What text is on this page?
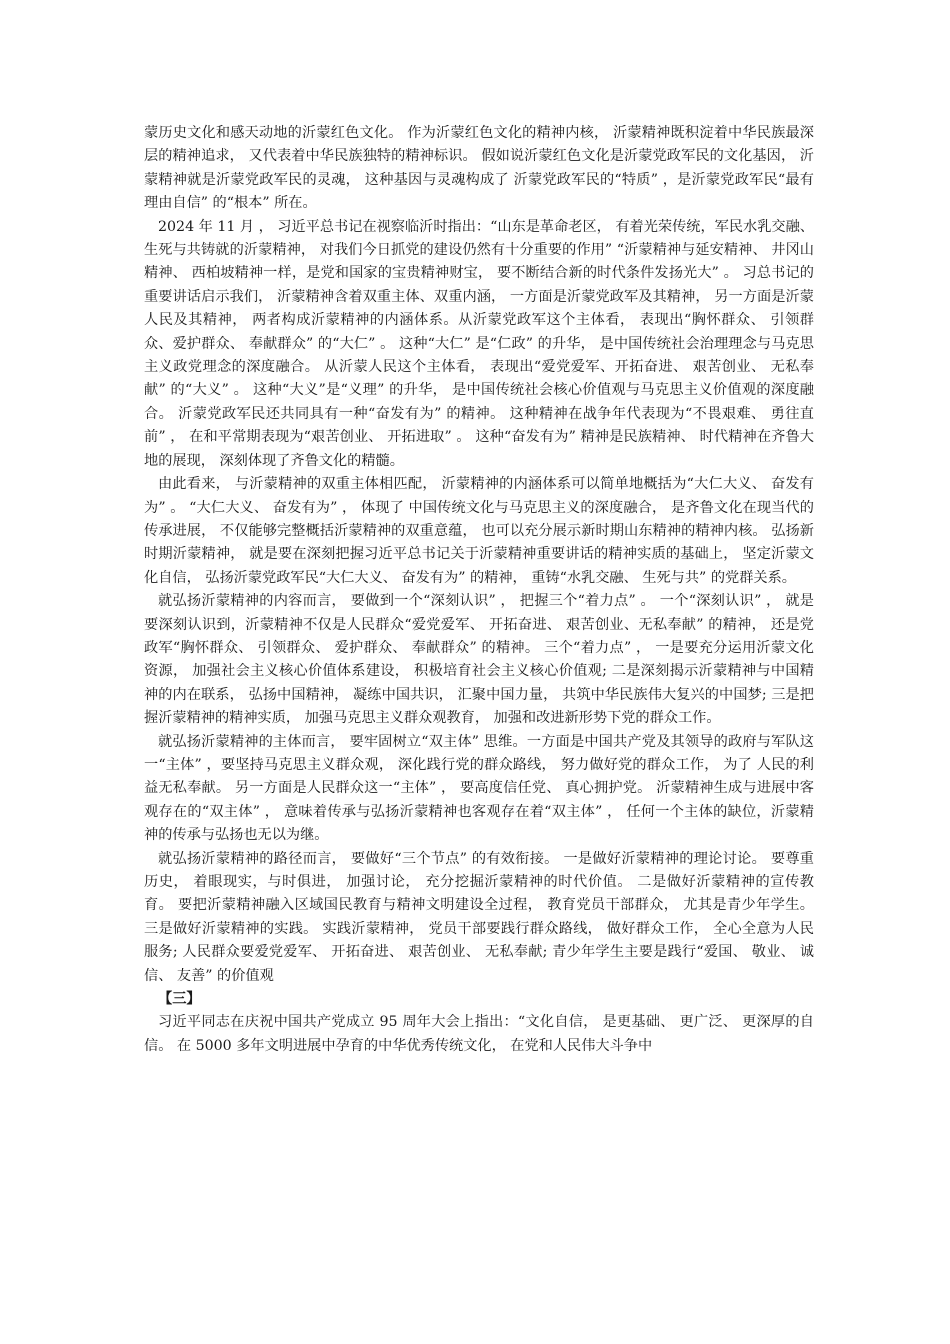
蒙历史文化和感天动地的沂蒙红色文化。 作为沂蒙红色文化的精神内核， 沂蒙精神既积淀着中华民族最深层的精神追求， 又代表着中华民族独特的精神标识。 假如说沂蒙红色文化是沂蒙党政军民的文化基因， 沂蒙精神就是沂蒙党政军民的灵魂， 这种基因与灵魂构成了 沂蒙党政军民的“特质” ，是沂蒙党政军民“最有理由自信” 的“根本” 所在。

2024 年 11 月 ， 习近平总书记在视察临沂时指出：“山东是革命老区， 有着光荣传统，军民水乳交融、 生死与共铸就的沂蒙精神， 对我们今日抓党的建设仍然有十分重要的作用” “沂蒙精神与延安精神、 井冈山精神、 西柏坡精神一样，是党和国家的宝贵精神财宝， 要不断结合新的时代条件发扬光大” 。 习总书记的重要讲话启示我们， 沂蒙精神含着双重主体、双重内涵， 一方面是沂蒙党政军及其精神， 另一方面是沂蒙人民及其精神， 两者构成沂蒙精神的内涵体系。从沂蒙党政军这个主体看， 表现出“胸怀群众、 引领群众、爱护群众、 奉献群众” 的“大仁” 。 这种“大仁” 是“仁政” 的升华， 是中国传统社会治理理念与马克思主义政党理念的深度融合。 从沂蒙人民这个主体看， 表现出“爱党爱军、开拓奋进、 艰苦创业、 无私奉献” 的“大义” 。 这种“大义”是“义理” 的升华， 是中国传统社会核心价值观与马克思主义价值观的深度融合。 沂蒙党政军民还共同具有一种“奋发有为” 的精神。 这种精神在战争年代表现为“不畏艰难、 勇往直前” ， 在和平常期表现为“艰苦创业、 开拓进取” 。 这种“奋发有为” 精神是民族精神、 时代精神在齐鲁大地的展现， 深刻体现了齐鲁文化的精髓。

由此看来， 与沂蒙精神的双重主体相匹配， 沂蒙精神的内涵体系可以简单地概括为“大仁大义、 奋发有为” 。 “大仁大义、 奋发有为” ， 体现了 中国传统文化与马克思主义的深度融合， 是齐鲁文化在现当代的传承进展， 不仅能够完整概括沂蒙精神的双重意蕴， 也可以充分展示新时期山东精神的精神内核。 弘扬新时期沂蒙精神， 就是要在深刻把握习近平总书记关于沂蒙精神重要讲话的精神实质的基础上， 坚定沂蒙文化自信， 弘扬沂蒙党政军民“大仁大义、 奋发有为” 的精神， 重铸“水乳交融、 生死与共” 的党群关系。

就弘扬沂蒙精神的内容而言， 要做到一个“深刻认识” ， 把握三个“着力点” 。 一个“深刻认识” ， 就是要深刻认识到，沂蒙精神不仅是人民群众“爱党爱军、 开拓奋进、 艰苦创业、无私奉献” 的精神， 还是党政军“胸怀群众、 引领群众、 爱护群众、 奉献群众” 的精神。 三个“着力点” ， 一是要充分运用沂蒙文化资源， 加强社会主义核心价值体系建设， 积极培育社会主义核心价值观; 二是深刻揭示沂蒙精神与中国精神的内在联系， 弘扬中国精神， 凝练中国共识， 汇聚中国力量， 共筑中华民族伟大复兴的中国梦; 三是把握沂蒙精神的精神实质， 加强马克思主义群众观教育， 加强和改进新形势下党的群众工作。

就弘扬沂蒙精神的主体而言， 要牢固树立“双主体” 思维。一方面是中国共产党及其领导的政府与军队这一“主体” ，要坚持马克思主义群众观， 深化践行党的群众路线， 努力做好党的群众工作， 为了 人民的利益无私奉献。 另一方面是人民群众这一“主体” ， 要高度信任党、 真心拥护党。 沂蒙精神生成与进展中客观存在的“双主体” ， 意味着传承与弘扬沂蒙精神也客观存在着“双主体” ， 任何一个主体的缺位，沂蒙精神的传承与弘扬也无以为继。

就弘扬沂蒙精神的路径而言， 要做好“三个节点” 的有效衔接。 一是做好沂蒙精神的理论讨论。 要尊重历史， 着眼现实，与时俱进， 加强讨论， 充分挖掘沂蒙精神的时代价值。 二是做好沂蒙精神的宣传教育。 要把沂蒙精神融入区域国民教育与精神文明建设全过程， 教育党员干部群众， 尤其是青少年学生。 三是做好沂蒙精神的实践。 实践沂蒙精神， 党员干部要践行群众路线， 做好群众工作， 全心全意为人民服务; 人民群众要爱党爱军、 开拓奋进、 艰苦创业、 无私奉献; 青少年学生主要是践行“爱国、 敬业、 诚信、 友善” 的价值观

【三】

习近平同志在庆祝中国共产党成立 95 周年大会上指出：“文化自信， 是更基础、 更广泛、 更深厚的自信。 在 5000 多年文明进展中孕育的中华优秀传统文化， 在党和人民伟大斗争中
